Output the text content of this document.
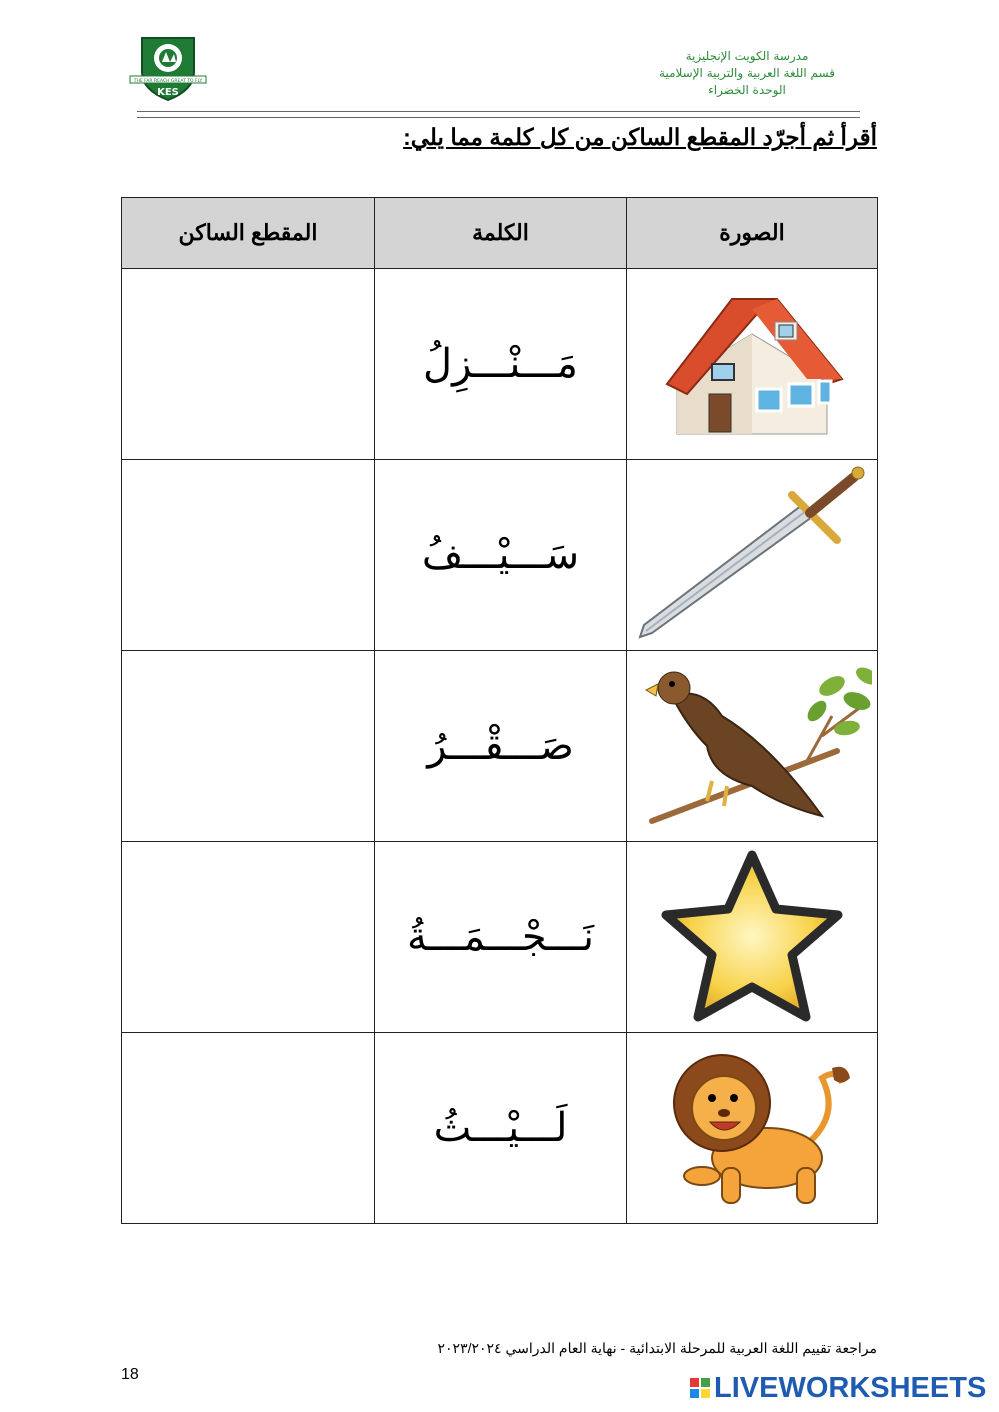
THE FAR REACH GREAT TO FLY
KES
مدرسة الكويت الإنجليزية
قسم اللغة العربية والتربية الإسلامية
الوحدة الخضراء
أقرأ ثم أجرّد المقطع الساكن من كل كلمة مما يلي:
الصورة	الكلمة	المقطع الساكن

	مَـــنْـــزِلُ	

	سَـــيْـــفُ	

	صَـــقْـــرُ	

	نَـــجْـــمَـــةُ	

	لَـــيْـــثُ	
مراجعة تقييم اللغة العربية للمرحلة الابتدائية - نهاية العام الدراسي ٢٠٢٣/٢٠٢٤
18	LIVEWORKSHEETS
